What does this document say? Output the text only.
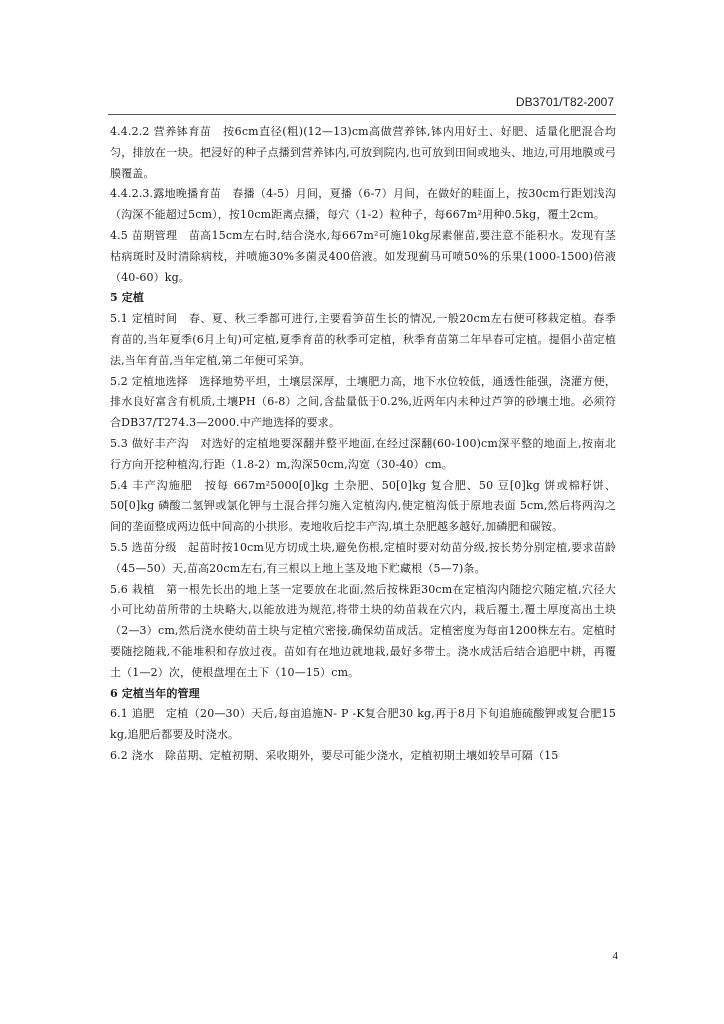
DB3701/T82-2007

4.4.2.2 营养钵育苗　按6cm直径(粗)(12—13)cm高做营养钵,钵内用好土、好肥、适量化肥混合均匀，排放在一块。把浸好的种子点播到营养钵内,可放到院内,也可放到田间或地头、地边,可用地膜或弓膜覆盖。

4.4.2.3.露地晚播育苗　春播（4-5）月间，夏播（6-7）月间，在做好的畦面上，按30cm行距划浅沟（沟深不能超过5cm），按10cm距离点播，每穴（1-2）粒种子，每667m²用种0.5kg，覆土2cm。

4.5 苗期管理　苗高15cm左右时,结合浇水,每667m²可施10kg尿素催苗,要注意不能积水。发现有茎枯病斑时及时清除病枝，并喷施30%多菌灵400倍液。如发现蓟马可喷50%的乐果(1000-1500)倍液（40-60）kg。

5 定植

5.1 定植时间　春、夏、秋三季都可进行,主要看笋苗生长的情况,一般20cm左右便可移栽定植。春季育苗的,当年夏季(6月上旬)可定植,夏季育苗的秋季可定植，秋季育苗第二年早春可定植。提倡小苗定植法,当年育苗,当年定植,第二年便可采笋。

5.2 定植地选择　选择地势平坦，土壤层深厚，土壤肥力高，地下水位较低，通透性能强，浇灌方便，排水良好富含有机质,土壤PH（6-8）之间,含盐量低于0.2%,近两年内未种过芦笋的砂壤土地。必须符合DB37/T274.3—2000.中产地选择的要求。

5.3 做好丰产沟　对选好的定植地要深翻并整平地面,在经过深翻(60-100)cm深平整的地面上,按南北行方向开挖种植沟,行距（1.8-2）m,沟深50cm,沟宽（30-40）cm。

5.4 丰产沟施肥　按每 667m²5000[0]kg 土杂肥、50[0]kg 复合肥、50 豆[0]kg 饼或棉籽饼、50[0]kg 磷酸二氢钾或氯化钾与土混合拌匀施入定植沟内,使定植沟低于原地表面 5cm,然后将两沟之间的垄面整成两边低中间高的小拱形。麦地收后挖丰产沟,填土杂肥越多越好,加磷肥和碳铵。

5.5 选苗分级　起苗时按10cm见方切成土块,避免伤根,定植时要对幼苗分级,按长势分别定植,要求苗龄（45—50）天,苗高20cm左右,有三根以上地上茎及地下贮藏根（5—7)条。

5.6 栽植　第一根先长出的地上茎一定要放在北面,然后按株距30cm在定植沟内随挖穴随定植,穴径大小可比幼苗所带的土块略大,以能放进为规范,将带土块的幼苗栽在穴内，栽后覆土,覆土厚度高出土块（2—3）cm,然后浇水使幼苗土块与定植穴密接,确保幼苗成活。定植密度为每亩1200株左右。定植时要随挖随栽,不能堆积和存放过夜。苗如有在地边就地栽,最好多带土。浇水成活后结合追肥中耕，再覆土（1—2）次，使根盘埋在土下（10—15）cm。

6 定植当年的管理

6.1 追肥　定植（20—30）天后,每亩追施N- P -K复合肥30 kg,再于8月下旬追施硫酸钾或复合肥15 kg,追肥后都要及时浇水。

6.2 浇水　除苗期、定植初期、采收期外，要尽可能少浇水，定植初期土壤如较旱可隔（15

4
